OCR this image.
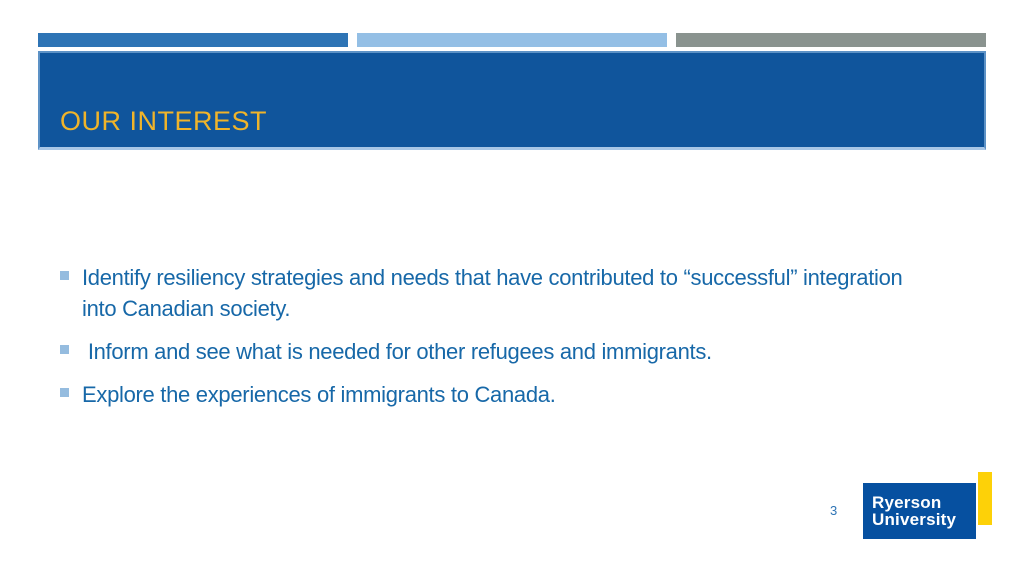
OUR INTEREST
Identify resiliency strategies and needs that have contributed to “successful” integration into Canadian society.
Inform and see what is needed for other refugees and immigrants.
Explore the experiences of immigrants to Canada.
3 Ryerson
University
